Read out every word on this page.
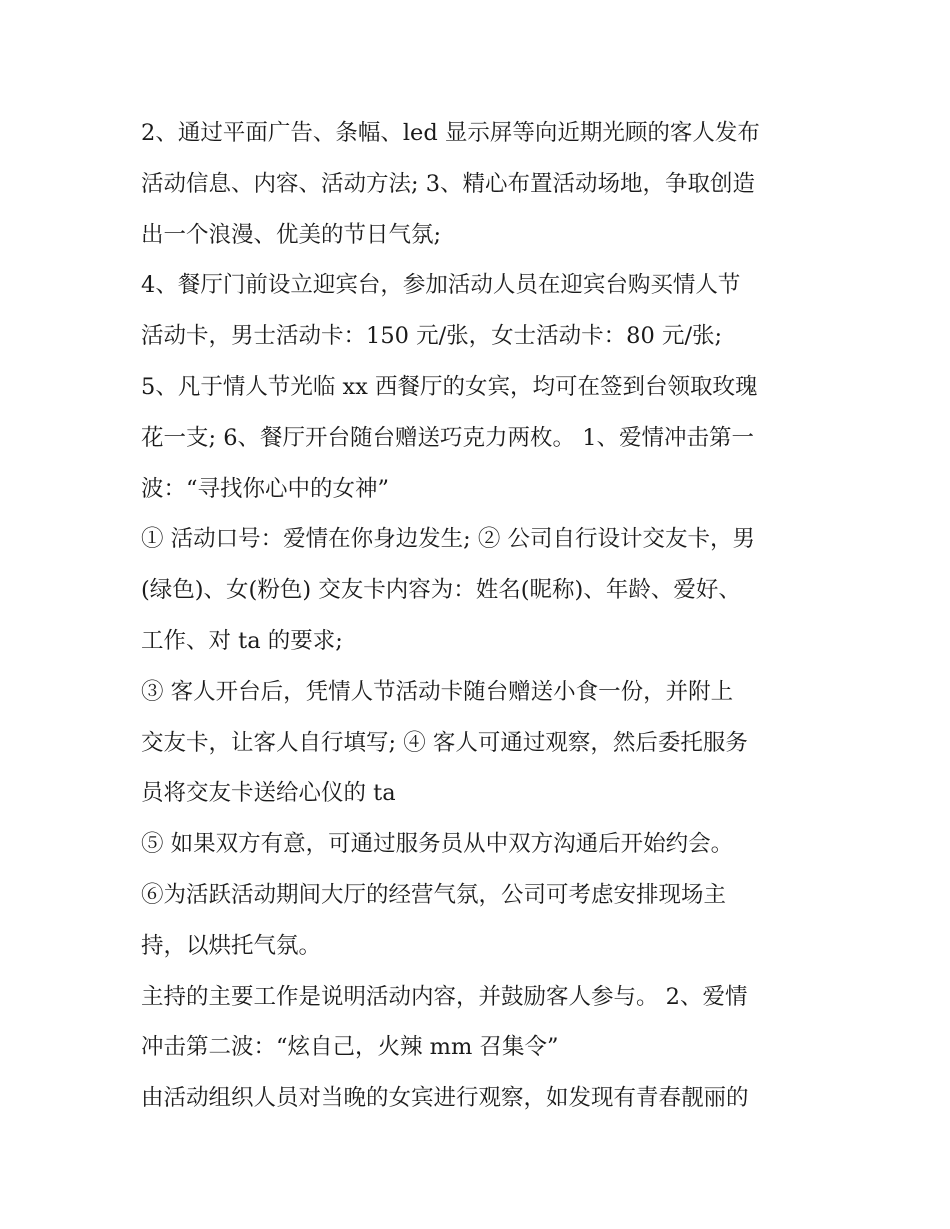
2、通过平面广告、条幅、led 显示屏等向近期光顾的客人发布
活动信息、内容、活动方法; 3、精心布置活动场地，争取创造
出一个浪漫、优美的节日气氛;
4、餐厅门前设立迎宾台，参加活动人员在迎宾台购买情人节
活动卡，男士活动卡：150 元/张，女士活动卡：80 元/张;
5、凡于情人节光临 xx 西餐厅的女宾，均可在签到台领取玫瑰
花一支; 6、餐厅开台随台赠送巧克力两枚。 1、爱情冲击第一
波：“寻找你心中的女神”
① 活动口号：爱情在你身边发生; ② 公司自行设计交友卡，男
(绿色)、女(粉色) 交友卡内容为：姓名(昵称)、年龄、爱好、
工作、对 ta 的要求;
③ 客人开台后，凭情人节活动卡随台赠送小食一份，并附上
交友卡，让客人自行填写; ④ 客人可通过观察，然后委托服务
员将交友卡送给心仪的 ta
⑤ 如果双方有意，可通过服务员从中双方沟通后开始约会。
⑥为活跃活动期间大厅的经营气氛，公司可考虑安排现场主
持，以烘托气氛。
主持的主要工作是说明活动内容，并鼓励客人参与。 2、爱情
冲击第二波：“炫自己，火辣 mm 召集令”
由活动组织人员对当晚的女宾进行观察，如发现有青春靓丽的
